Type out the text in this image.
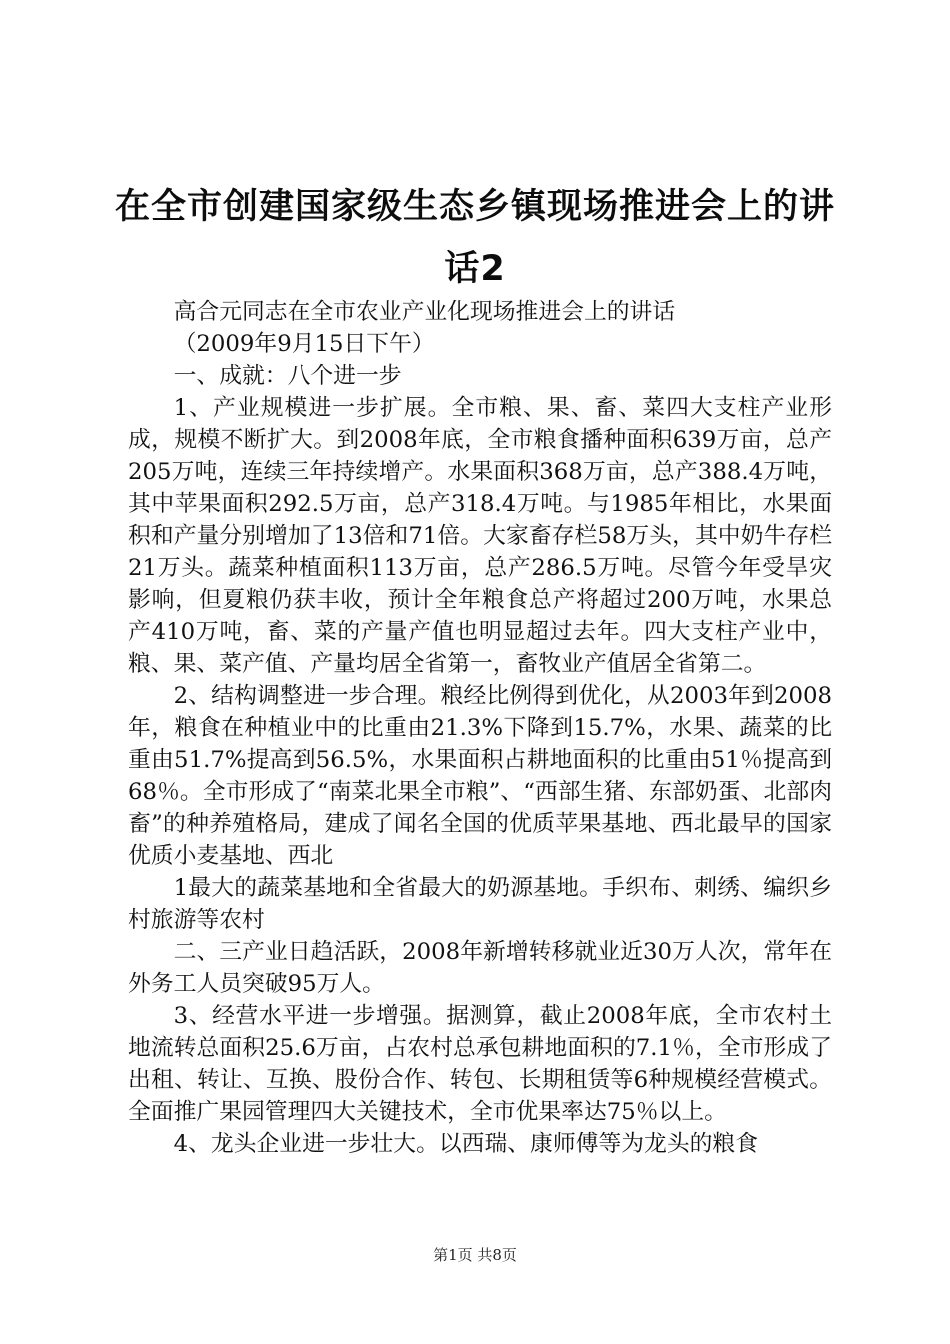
在全市创建国家级生态乡镇现场推进会上的讲话2

高合元同志在全市农业产业化现场推进会上的讲话

（2009年9月15日下午）

一、成就：八个进一步

1、产业规模进一步扩展。全市粮、果、畜、菜四大支柱产业形成，规模不断扩大。到2008年底，全市粮食播种面积639万亩，总产205万吨，连续三年持续增产。水果面积368万亩，总产388.4万吨，其中苹果面积292.5万亩，总产318.4万吨。与1985年相比，水果面积和产量分别增加了13倍和71倍。大家畜存栏58万头，其中奶牛存栏21万头。蔬菜种植面积113万亩，总产286.5万吨。尽管今年受旱灾影响，但夏粮仍获丰收，预计全年粮食总产将超过200万吨，水果总产410万吨，畜、菜的产量产值也明显超过去年。四大支柱产业中，粮、果、菜产值、产量均居全省第一，畜牧业产值居全省第二。

2、结构调整进一步合理。粮经比例得到优化，从2003年到2008年，粮食在种植业中的比重由21.3%下降到15.7%，水果、蔬菜的比重由51.7%提高到56.5%，水果面积占耕地面积的比重由51％提高到68％。全市形成了“南菜北果全市粮”、“西部生猪、东部奶蛋、北部肉畜”的种养殖格局，建成了闻名全国的优质苹果基地、西北最早的国家优质小麦基地、西北

1最大的蔬菜基地和全省最大的奶源基地。手织布、刺绣、编织乡村旅游等农村

二、三产业日趋活跃，2008年新增转移就业近30万人次，常年在外务工人员突破95万人。

3、经营水平进一步增强。据测算，截止2008年底，全市农村土地流转总面积25.6万亩，占农村总承包耕地面积的7.1％，全市形成了出租、转让、互换、股份合作、转包、长期租赁等6种规模经营模式。全面推广果园管理四大关键技术，全市优果率达75％以上。

4、龙头企业进一步壮大。以西瑞、康师傅等为龙头的粮食

第1页 共8页
